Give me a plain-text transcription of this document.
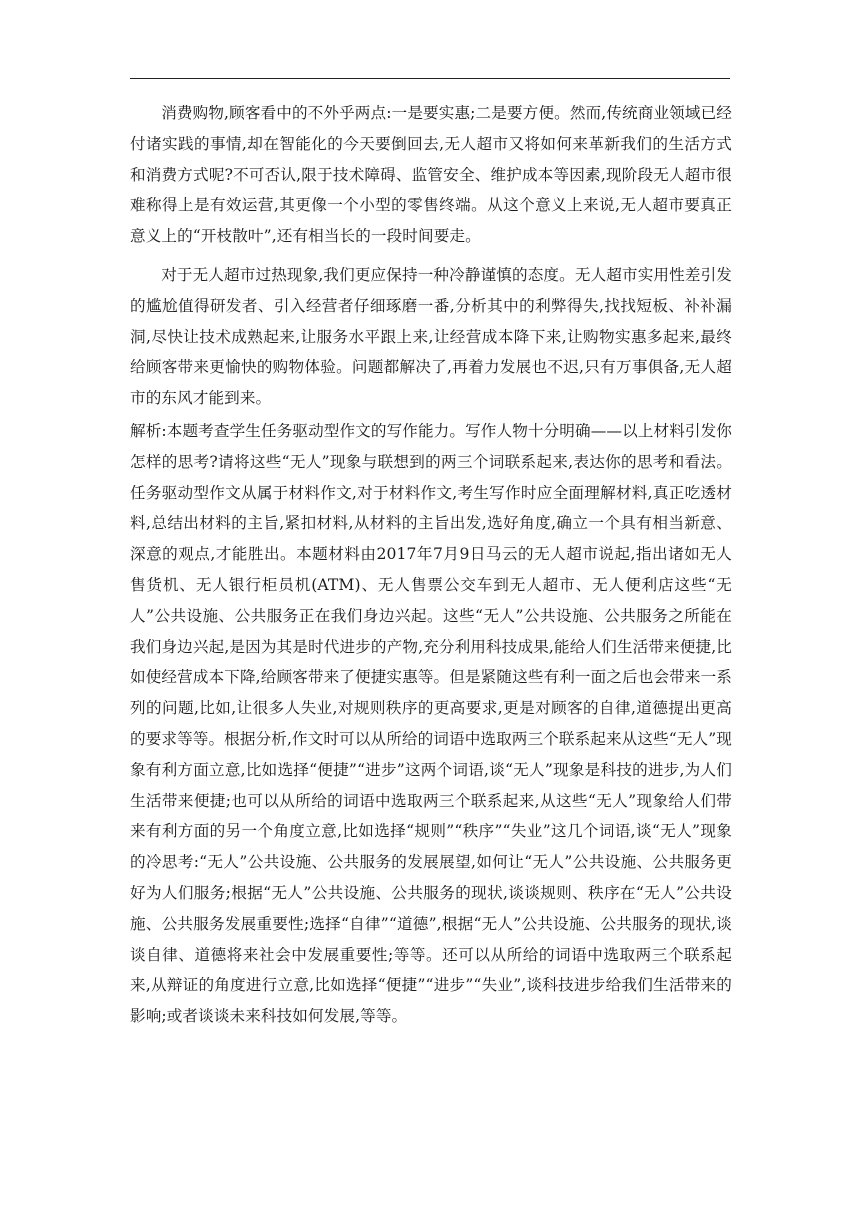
消费购物,顾客看中的不外乎两点:一是要实惠;二是要方便。然而,传统商业领域已经付诸实践的事情,却在智能化的今天要倒回去,无人超市又将如何来革新我们的生活方式和消费方式呢?不可否认,限于技术障碍、监管安全、维护成本等因素,现阶段无人超市很难称得上是有效运营,其更像一个小型的零售终端。从这个意义上来说,无人超市要真正意义上的“开枝散叶”,还有相当长的一段时间要走。

对于无人超市过热现象,我们更应保持一种冷静谨慎的态度。无人超市实用性差引发的尴尬值得研发者、引入经营者仔细琢磨一番,分析其中的利弊得失,找找短板、补补漏洞,尽快让技术成熟起来,让服务水平跟上来,让经营成本降下来,让购物实惠多起来,最终给顾客带来更愉快的购物体验。问题都解决了,再着力发展也不迟,只有万事俱备,无人超市的东风才能到来。

解析:本题考查学生任务驱动型作文的写作能力。写作人物十分明确——以上材料引发你怎样的思考?请将这些“无人”现象与联想到的两三个词联系起来,表达你的思考和看法。任务驱动型作文从属于材料作文,对于材料作文,考生写作时应全面理解材料,真正吃透材料,总结出材料的主旨,紧扣材料,从材料的主旨出发,选好角度,确立一个具有相当新意、深意的观点,才能胜出。本题材料由2017年7月9日马云的无人超市说起,指出诸如无人售货机、无人银行柜员机(ATM)、无人售票公交车到无人超市、无人便利店这些“无人”公共设施、公共服务正在我们身边兴起。这些“无人”公共设施、公共服务之所能在我们身边兴起,是因为其是时代进步的产物,充分利用科技成果,能给人们生活带来便捷,比如使经营成本下降,给顾客带来了便捷实惠等。但是紧随这些有利一面之后也会带来一系列的问题,比如,让很多人失业,对规则秩序的更高要求,更是对顾客的自律,道德提出更高的要求等等。根据分析,作文时可以从所给的词语中选取两三个联系起来从这些“无人”现象有利方面立意,比如选择“便捷”“进步”这两个词语,谈“无人”现象是科技的进步,为人们生活带来便捷;也可以从所给的词语中选取两三个联系起来,从这些“无人”现象给人们带来有利方面的另一个角度立意,比如选择“规则”“秩序”“失业”这几个词语,谈“无人”现象的冷思考:“无人”公共设施、公共服务的发展展望,如何让“无人”公共设施、公共服务更好为人们服务;根据“无人”公共设施、公共服务的现状,谈谈规则、秩序在“无人”公共设施、公共服务发展重要性;选择“自律”“道德”,根据“无人”公共设施、公共服务的现状,谈谈自律、道德将来社会中发展重要性;等等。还可以从所给的词语中选取两三个联系起来,从辩证的角度进行立意,比如选择“便捷”“进步”“失业”,谈科技进步给我们生活带来的影响;或者谈谈未来科技如何发展,等等。
